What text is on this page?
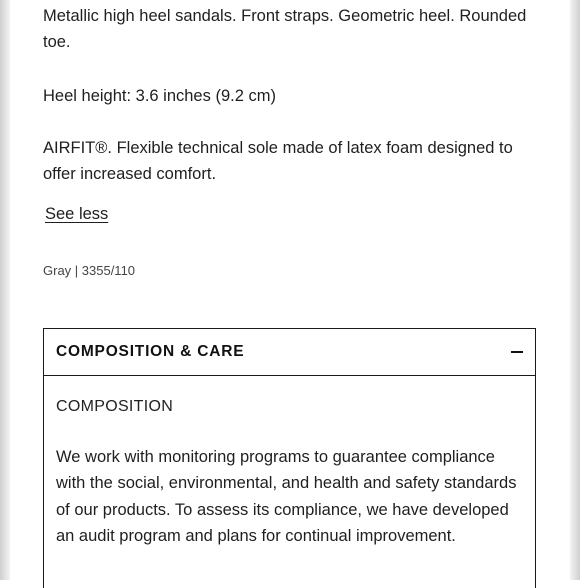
Metallic high heel sandals. Front straps. Geometric heel. Rounded toe.

Heel height: 3.6 inches (9.2 cm)

AIRFIT®. Flexible technical sole made of latex foam designed to offer increased comfort.

See less
Gray | 3355/110
COMPOSITION & CARE
COMPOSITION
We work with monitoring programs to guarantee compliance with the social, environmental, and health and safety standards of our products. To assess its compliance, we have developed an audit program and plans for continual improvement.
